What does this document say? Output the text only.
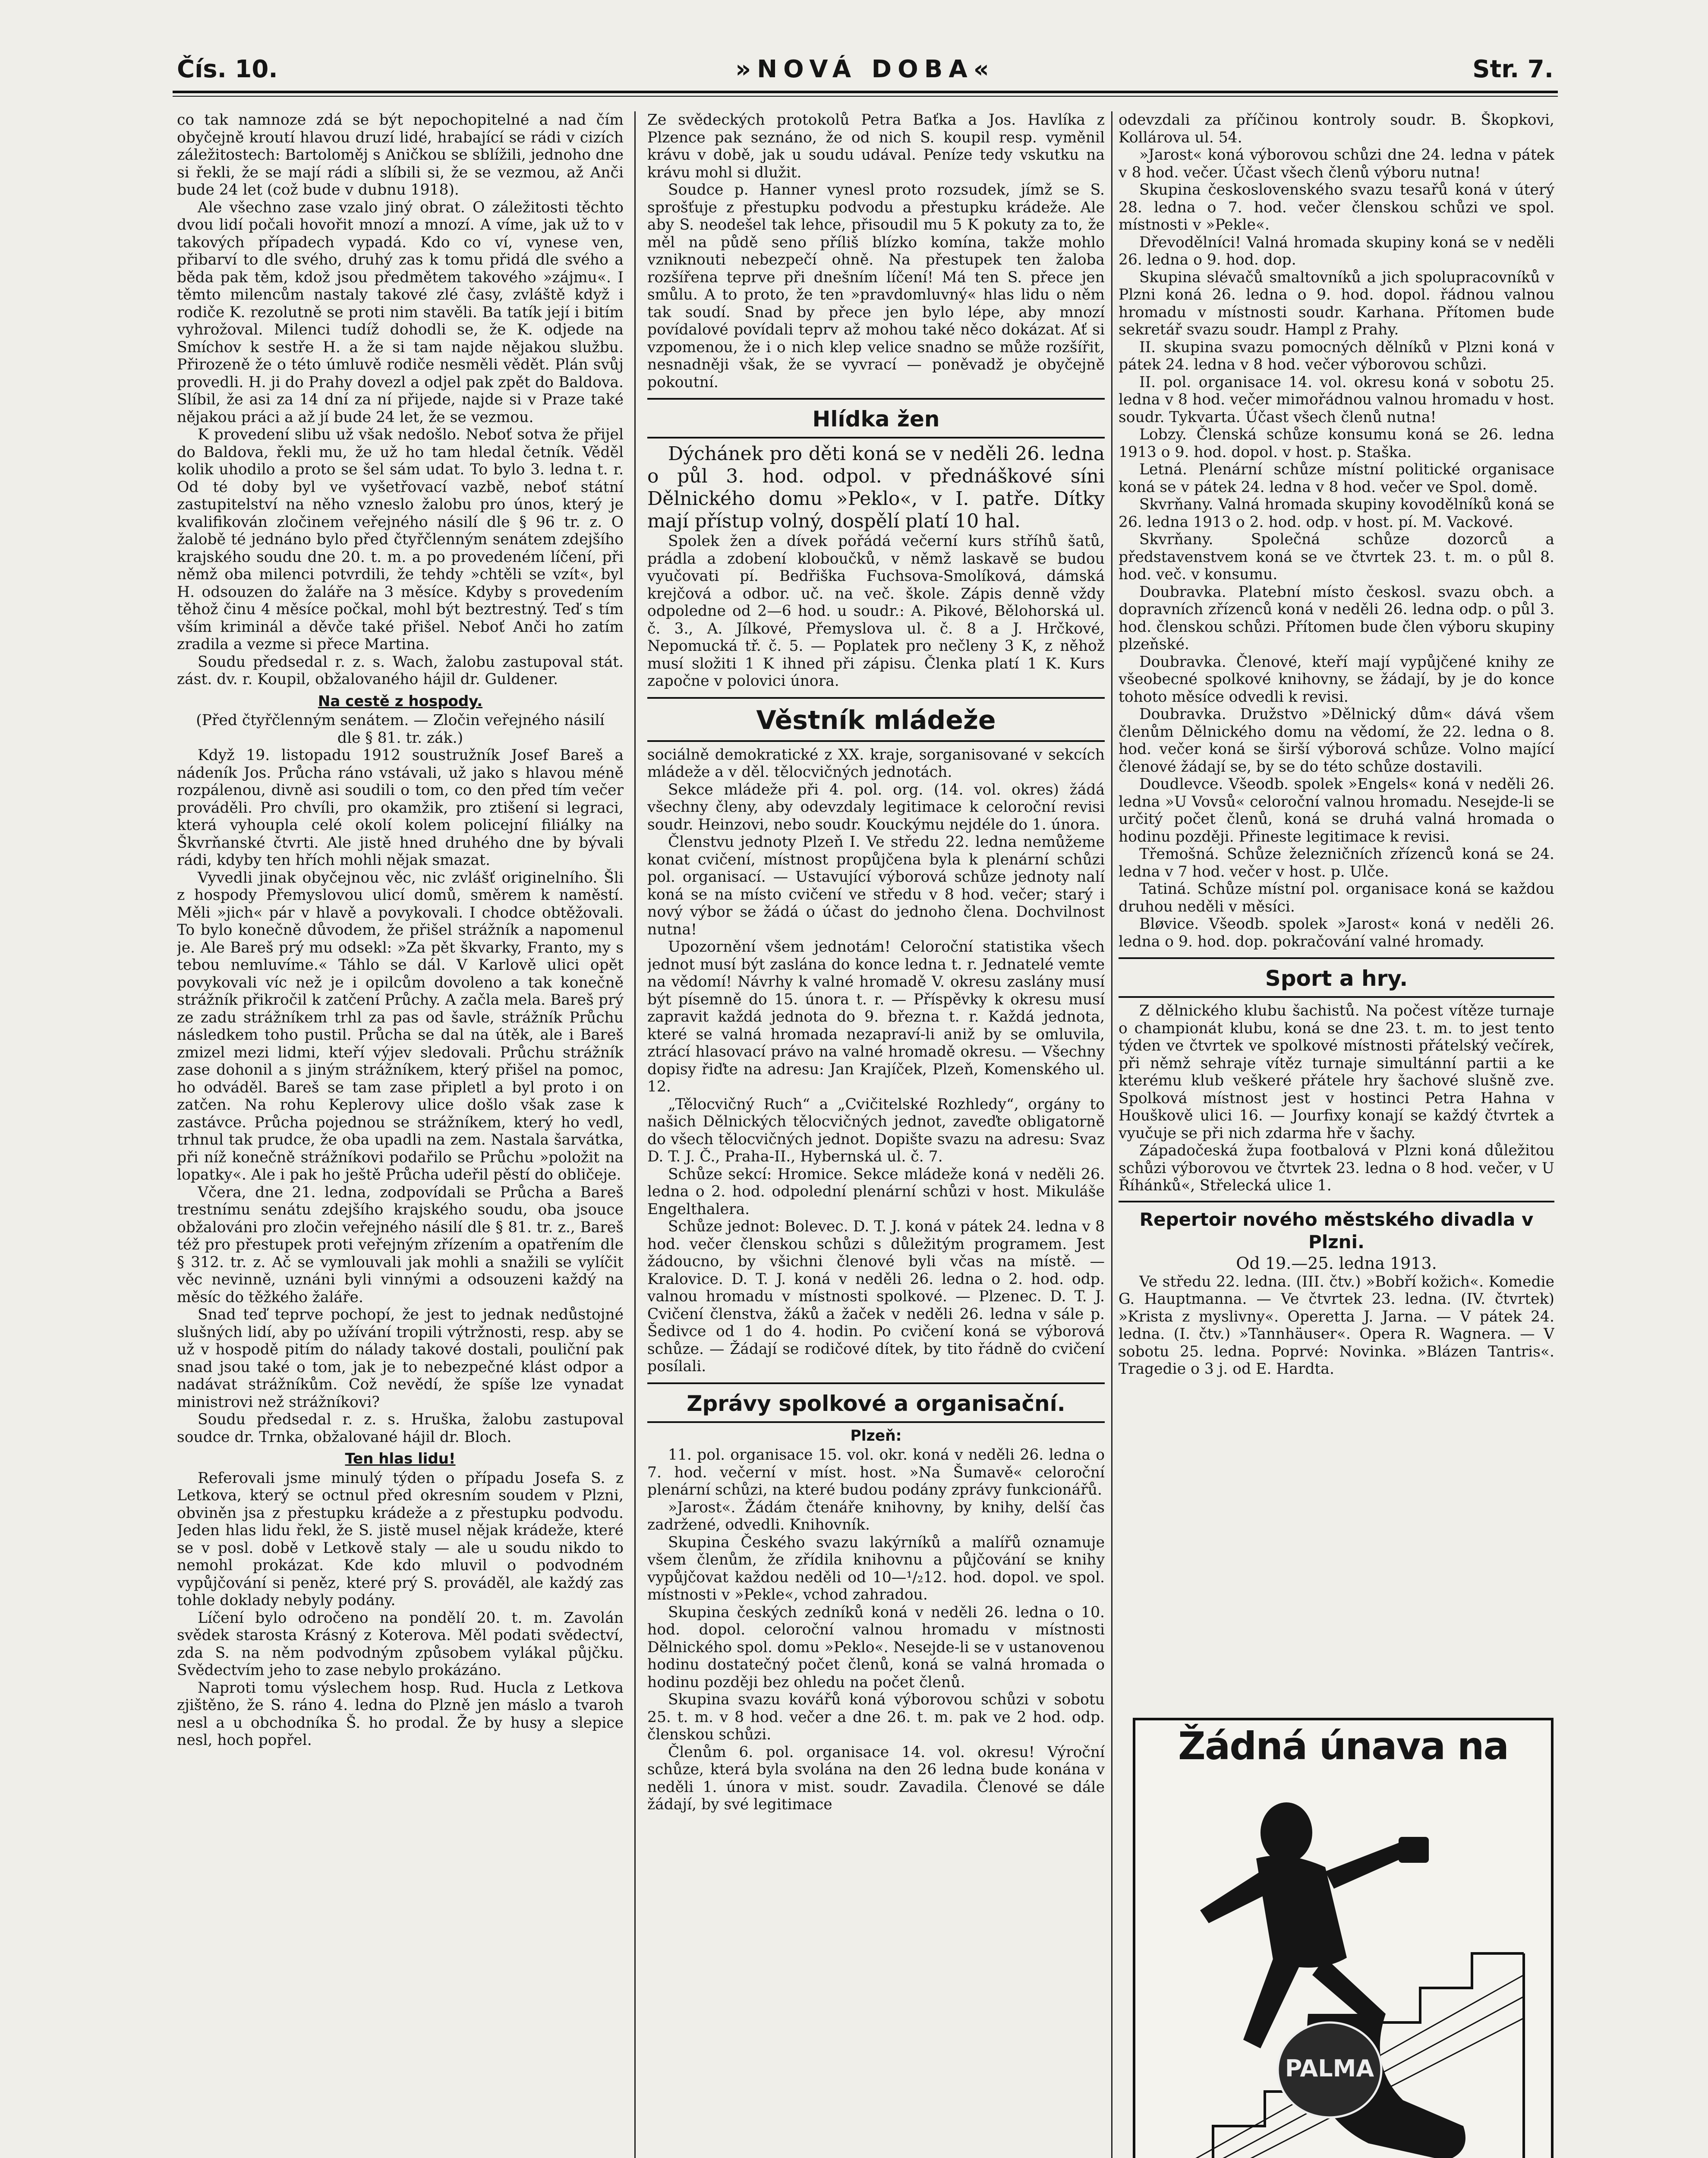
Čís. 10.	»NOVÁ DOBA«	Str. 7.

co tak namnoze zdá se být nepochopitelné a nad čím obyčejně kroutí hlavou druzí lidé, hrabající se rádi v cizích záležitostech: Bartoloměj s Aničkou se sblížili, jednoho dne si řekli, že se mají rádi a slíbili si, že se vezmou, až Anči bude 24 let (což bude v dubnu 1918).

Ale všechno zase vzalo jiný obrat. O záležitosti těchto dvou lidí počali hovořit mnozí a mnozí. A víme, jak už to v takových případech vypadá. Kdo co ví, vynese ven, přibarví to dle svého, druhý zas k tomu přidá dle svého a běda pak těm, kdož jsou předmětem takového »zájmu«. I těmto milencům nastaly takové zlé časy, zvláště když i rodiče K. rezolutně se proti nim stavěli. Ba tatík její i bitím vyhrožoval. Milenci tudíž dohodli se, že K. odjede na Smíchov k sestře H. a že si tam najde nějakou službu. Přirozeně že o této úmluvě rodiče nesměli vědět. Plán svůj provedli. H. ji do Prahy dovezl a odjel pak zpět do Baldova. Slíbil, že asi za 14 dní za ní přijede, najde si v Praze také nějakou práci a až jí bude 24 let, že se vezmou.

K provedení slibu už však nedošlo. Neboť sotva že přijel do Baldova, řekli mu, že už ho tam hledal četník. Věděl kolik uhodilo a proto se šel sám udat. To bylo 3. ledna t. r. Od té doby byl ve vyšetřovací vazbě, neboť státní zastupitelství na něho vzneslo žalobu pro únos, který je kvalifikován zločinem veřejného násilí dle § 96 tr. z. O žalobě té jednáno bylo před čtyřčlenným senátem zdejšího krajského soudu dne 20. t. m. a po provedeném líčení, při němž oba milenci potvrdili, že tehdy »chtěli se vzít«, byl H. odsouzen do žaláře na 3 měsíce. Kdyby s provedením těhož činu 4 měsíce počkal, mohl být beztrestný. Teď s tím vším kriminál a děvče také přišel. Neboť Anči ho zatím zradila a vezme si přece Martina.

Soudu předsedal r. z. s. Wach, žalobu zastupoval stát. zást. dv. r. Koupil, obžalovaného hájil dr. Guldener.

Na cestě z hospody.
(Před čtyřčlenným senátem. — Zločin veřejného násilí dle § 81. tr. zák.)

Když 19. listopadu 1912 soustružník Josef Bareš a nádeník Jos. Průcha ráno vstávali, už jako s hlavou méně rozpálenou, divně asi soudili o tom, co den před tím večer prováděli. Pro chvíli, pro okamžik, pro ztišení si legraci, která vyhoupla celé okolí kolem policejní filiálky na Škvrňanské čtvrti. Ale jistě hned druhého dne by bývali rádi, kdyby ten hřích mohli nějak smazat.

Vyvedli jinak obyčejnou věc, nic zvlášť originelního. Šli z hospody Přemyslovou ulicí domů, směrem k naměstí. Měli »jich« pár v hlavě a povykovali. I chodce obtěžovali. To bylo konečně důvodem, že přišel strážník a napomenul je. Ale Bareš prý mu odsekl: »Za pět škvarky, Franto, my s tebou nemluvíme.« Táhlo se dál. V Karlově ulici opět povykovali víc než je i opilcům dovoleno a tak konečně strážník přikročil k zatčení Průchy. A začla mela. Bareš prý ze zadu strážníkem trhl za pas od šavle, strážník Průchu následkem toho pustil. Průcha se dal na útěk, ale i Bareš zmizel mezi lidmi, kteří výjev sledovali. Průchu strážník zase dohonil a s jiným strážníkem, který přišel na pomoc, ho odváděl. Bareš se tam zase připletl a byl proto i on zatčen. Na rohu Keplerovy ulice došlo však zase k zastávce. Průcha pojednou se strážníkem, který ho vedl, trhnul tak prudce, že oba upadli na zem. Nastala šarvátka, při níž konečně strážníkovi podařilo se Průchu »položit na lopatky«. Ale i pak ho ještě Průcha udeřil pěstí do obličeje.

Včera, dne 21. ledna, zodpovídali se Průcha a Bareš trestnímu senátu zdejšího krajského soudu, oba jsouce obžalováni pro zločin veřejného násilí dle § 81. tr. z., Bareš též pro přestupek proti veřejným zřízením a opatřením dle § 312. tr. z. Ač se vymlouvali jak mohli a snažili se vylíčit věc nevinně, uznáni byli vinnými a odsouzeni každý na měsíc do těžkého žaláře.

Snad teď teprve pochopí, že jest to jednak nedůstojné slušných lidí, aby po užívání tropili výtržnosti, resp. aby se už v hospodě pitím do nálady takové dostali, pouliční pak snad jsou také o tom, jak je to nebezpečné klást odpor a nadávat strážníkům. Což nevědí, že spíše lze vynadat ministrovi než strážníkovi?

Soudu předsedal r. z. s. Hruška, žalobu zastupoval soudce dr. Trnka, obžalované hájil dr. Bloch.

Ten hlas lidu!

Referovali jsme minulý týden o případu Josefa S. z Letkova, který se octnul před okresním soudem v Plzni, obviněn jsa z přestupku krádeže a z přestupku podvodu. Jeden hlas lidu řekl, že S. jistě musel nějak krádeže, které se v posl. době v Letkově staly — ale u soudu nikdo to nemohl prokázat. Kde kdo mluvil o podvodném vypůjčování si peněz, které prý S. prováděl, ale každý zas tohle doklady nebyly podány.

Líčení bylo odročeno na pondělí 20. t. m. Zavolán svědek starosta Krásný z Koterova. Měl podati svědectví, zda S. na něm podvodným způsobem vylákal půjčku. Svědectvím jeho to zase nebylo prokázáno.

Naproti tomu výslechem hosp. Rud. Hucla z Letkova zjištěno, že S. ráno 4. ledna do Plzně jen máslo a tvaroh nesl a u obchodníka Š. ho prodal. Že by husy a slepice nesl, hoch popřel.

Ze svědeckých protokolů Petra Baťka a Jos. Havlíka z Plzence pak seznáno, že od nich S. koupil resp. vyměnil krávu v době, jak u soudu udával. Peníze tedy vskutku na krávu mohl si dlužit.

Soudce p. Hanner vynesl proto rozsudek, jímž se S. sprošťuje z přestupku podvodu a přestupku krádeže. Ale aby S. neodešel tak lehce, přisoudil mu 5 K pokuty za to, že měl na půdě seno příliš blízko komína, takže mohlo vzniknouti nebezpečí ohně. Na přestupek ten žaloba rozšířena teprve při dnešním líčení! Má ten S. přece jen smůlu. A to proto, že ten »pravdomluvný« hlas lidu o něm tak soudí. Snad by přece jen bylo lépe, aby mnozí povídalové povídali teprv až mohou také něco dokázat. Ať si vzpomenou, že i o nich klep velice snadno se může rozšířit, nesnadněji však, že se vyvrací — poněvadž je obyčejně pokoutní.

Hlídka žen

Dýchánek pro děti koná se v neděli 26. ledna o půl 3. hod. odpol. v přednáškové síni Dělnického domu »Peklo«, v I. patře. Dítky mají přístup volný, dospělí platí 10 hal.

Spolek žen a dívek pořádá večerní kurs stříhů šatů, prádla a zdobení kloboučků, v němž laskavě se budou vyučovati pí. Bedřiška Fuchsova-Smolíková, dámská krejčová a odbor. uč. na več. škole. Zápis denně vždy odpoledne od 2—6 hod. u soudr.: A. Pikové, Bělohorská ul. č. 3., A. Jílkové, Přemyslova ul. č. 8 a J. Hrčkové, Nepomucká tř. č. 5. — Poplatek pro nečleny 3 K, z něhož musí složiti 1 K ihned při zápisu. Členka platí 1 K. Kurs započne v polovici února.

Věstník mládeže

sociálně demokratické z XX. kraje, sorganisované v sekcích mládeže a v děl. tělocvičných jednotách.

Sekce mládeže při 4. pol. org. (14. vol. okres) žádá všechny členy, aby odevzdaly legitimace k celoroční revisi soudr. Heinzovi, nebo soudr. Kouckýmu nejdéle do 1. února.

Členstvu jednoty Plzeň I. Ve středu 22. ledna nemůžeme konat cvičení, místnost propůjčena byla k plenární schůzi pol. organisací. — Ustavující výborová schůze jednoty nalí koná se na místo cvičení ve středu v 8 hod. večer; starý i nový výbor se žádá o účast do jednoho člena. Dochvilnost nutna!

Upozornění všem jednotám! Celoroční statistika všech jednot musí být zaslána do konce ledna t. r. Jednatelé vemte na vědomí! Návrhy k valné hromadě V. okresu zaslány musí být písemně do 15. února t. r. — Příspěvky k okresu musí zapravit každá jednota do 9. března t. r. Každá jednota, které se valná hromada nezapraví-li aniž by se omluvila, ztrácí hlasovací právo na valné hromadě okresu. — Všechny dopisy řiďte na adresu: Jan Krajíček, Plzeň, Komenského ul. 12.

„Tělocvičný Ruch“ a „Cvičitelské Rozhledy“, orgány to našich Dělnických tělocvičných jednot, zaveďte obligatorně do všech tělocvičných jednot. Dopište svazu na adresu: Svaz D. T. J. Č., Praha-II., Hybernská ul. č. 7.

Schůze sekcí: Hromice. Sekce mládeže koná v neděli 26. ledna o 2. hod. odpolední plenární schůzi v host. Mikuláše Engelthalera.

Schůze jednot: Bolevec. D. T. J. koná v pátek 24. ledna v 8 hod. večer členskou schůzi s důležitým programem. Jest žádoucno, by všichni členové byli včas na místě. — Kralovice. D. T. J. koná v neděli 26. ledna o 2. hod. odp. valnou hromadu v místnosti spolkové. — Plzenec. D. T. J. Cvičení členstva, žáků a žaček v neděli 26. ledna v sále p. Šedivce od 1 do 4. hodin. Po cvičení koná se výborová schůze. — Žádají se rodičové dítek, by tito řádně do cvičení posílali.

Zprávy spolkové a organisační.
Plzeň:

11. pol. organisace 15. vol. okr. koná v neděli 26. ledna o 7. hod. večerní v míst. host. »Na Šumavě« celoroční plenární schůzi, na které budou podány zprávy funkcionářů.

»Jarost«. Žádám čtenáře knihovny, by knihy, delší čas zadržené, odvedli. Knihovník.

Skupina Českého svazu lakýrníků a malířů oznamuje všem členům, že zřídila knihovnu a půjčování se knihy vypůjčovat každou neděli od 10—¹/₂12. hod. dopol. ve spol. místnosti v »Pekle«, vchod zahradou.

Skupina českých zedníků koná v neděli 26. ledna o 10. hod. dopol. celoroční valnou hromadu v místnosti Dělnického spol. domu »Peklo«. Nesejde-li se v ustanovenou hodinu dostatečný počet členů, koná se valná hromada o hodinu později bez ohledu na počet členů.

Skupina svazu kovářů koná výborovou schůzi v sobotu 25. t. m. v 8 hod. večer a dne 26. t. m. pak ve 2 hod. odp. členskou schůzi.

Členům 6. pol. organisace 14. vol. okresu! Výroční schůze, která byla svolána na den 26 ledna bude konána v neděli 1. února v mist. soudr. Zavadila. Členové se dále žádají, by své legitimace

odevzdali za příčinou kontroly soudr. B. Škopkovi, Kollárova ul. 54.

»Jarost« koná výborovou schůzi dne 24. ledna v pátek v 8 hod. večer. Účast všech členů výboru nutna!

Skupina československého svazu tesařů koná v úterý 28. ledna o 7. hod. večer členskou schůzi ve spol. místnosti v »Pekle«.

Dřevodělníci! Valná hromada skupiny koná se v neděli 26. ledna o 9. hod. dop.

Skupina slévačů smaltovníků a jich spolupracovníků v Plzni koná 26. ledna o 9. hod. dopol. řádnou valnou hromadu v místnosti soudr. Karhana. Přítomen bude sekretář svazu soudr. Hampl z Prahy.

II. skupina svazu pomocných dělníků v Plzni koná v pátek 24. ledna v 8 hod. večer výborovou schůzi.

II. pol. organisace 14. vol. okresu koná v sobotu 25. ledna v 8 hod. večer mimořádnou valnou hromadu v host. soudr. Tykvarta. Účast všech členů nutna!

Lobzy. Členská schůze konsumu koná se 26. ledna 1913 o 9. hod. dopol. v host. p. Staška.

Letná. Plenární schůze místní politické organisace koná se v pátek 24. ledna v 8 hod. večer ve Spol. domě.

Skvrňany. Valná hromada skupiny kovodělníků koná se 26. ledna 1913 o 2. hod. odp. v host. pí. M. Vackové.

Skvrňany. Společná schůze dozorců a představenstvem koná se ve čtvrtek 23. t. m. o půl 8. hod. več. v konsumu.

Doubravka. Platební místo českosl. svazu obch. a dopravních zřízenců koná v neděli 26. ledna odp. o půl 3. hod. členskou schůzi. Přítomen bude člen výboru skupiny plzeňské.

Doubravka. Členové, kteří mají vypůjčené knihy ze všeobecné spolkové knihovny, se žádají, by je do konce tohoto měsíce odvedli k revisi.

Doubravka. Družstvo »Dělnický dům« dává všem členům Dělnického domu na vědomí, že 22. ledna o 8. hod. večer koná se širší výborová schůze. Volno mající členové žádají se, by se do této schůze dostavili.

Doudlevce. Všeodb. spolek »Engels« koná v neděli 26. ledna »U Vovsů« celoroční valnou hromadu. Nesejde-li se určitý počet členů, koná se druhá valná hromada o hodinu později. Přineste legitimace k revisi.

Třemošná. Schůze železničních zřízenců koná se 24. ledna v 7 hod. večer v host. p. Ulče.

Tatiná. Schůze místní pol. organisace koná se každou druhou neděli v měsíci.

Bløvice. Všeodb. spolek »Jarost« koná v neděli 26. ledna o 9. hod. dop. pokračování valné hromady.

Sport a hry.

Z dělnického klubu šachistů. Na počest vítěze turnaje o championát klubu, koná se dne 23. t. m. to jest tento týden ve čtvrtek ve spolkové místnosti přátelský večírek, při němž sehraje vítěz turnaje simultánní partii a ke kterému klub veškeré přátele hry šachové slušně zve. Spolková místnost jest v hostinci Petra Hahna v Houškově ulici 16. — Jourfixy konají se každý čtvrtek a vyučuje se při nich zdarma hře v šachy.

Západočeská župa footbalová v Plzni koná důležitou schůzi výborovou ve čtvrtek 23. ledna o 8 hod. večer, v U Říhánků«, Střelecká ulice 1.

Repertoir nového městského divadla v Plzni.
Od 19.—25. ledna 1913.

Ve středu 22. ledna. (III. čtv.) »Bobří kožich«. Komedie G. Hauptmanna. — Ve čtvrtek 23. ledna. (IV. čtvrtek) »Krista z myslivny«. Operetta J. Jarna. — V pátek 24. ledna. (I. čtv.) »Tannhäuser«. Opera R. Wagnera. — V sobotu 25. ledna. Poprvé: Novinka. »Blázen Tantris«. Tragedie o 3 j. od E. Hardta.

Žádná únava na
PALMA
